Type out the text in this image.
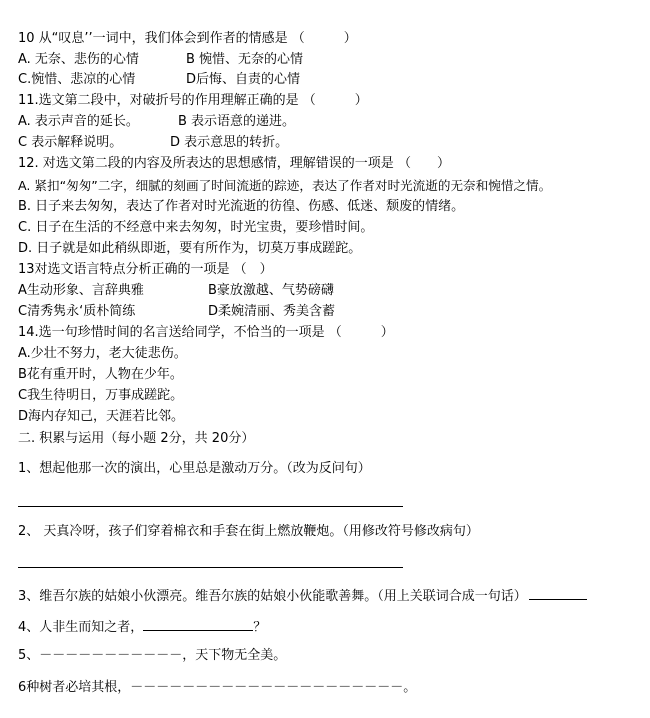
10 从“叹息’’一词中，我们体会到作者的情感是 （　　　）
A. 无奈、悲伤的心情	B 惋惜、无奈的心情
C.惋惜、悲凉的心情	D后悔、自责的心情
11.选文第二段中，对破折号的作用理解正确的是 （　　　）
A. 表示声音的延长。	B 表示语意的递进。
C 表示解释说明。	D 表示意思的转折。
12. 对选文第二段的内容及所表达的思想感情，理解错误的一项是 （　　）
A. 紧扣“匆匆”二字，细腻的刻画了时间流逝的踪迹，表达了作者对时光流逝的无奈和惋惜之情。
B. 日子来去匆匆，表达了作者对时光流逝的彷徨、伤感、低迷、颓废的情绪。
C. 日子在生活的不经意中来去匆匆，时光宝贵，要珍惜时间。
D. 日子就是如此稍纵即逝，要有所作为，切莫万事成蹉跎。
13对选文语言特点分析正确的一项是 （　）
A生动形象、言辞典雅	B豪放激越、气势磅礴
C清秀隽永‘质朴简练	D柔婉清丽、秀美含蓄
14.选一句珍惜时间的名言送给同学，不恰当的一项是 （　　　）
A.少壮不努力，老大徒悲伤。
B花有重开时，人物在少年。
C我生待明日，万事成蹉跎。
D海内存知己，天涯若比邻。
二. 积累与运用（每小题 2分，共 20分）
1、想起他那一次的演出，心里总是激动万分。（改为反问句）
2、 天真冷呀，孩子们穿着棉衣和手套在街上燃放鞭炮。（用修改符号修改病句）
3、维吾尔族的姑娘小伙漂亮。维吾尔族的姑娘小伙能歌善舞。（用上关联词合成一句话）
4、人非生而知之者，	？
5、－－－－－－－－－－－，天下物无全美。
6种树者必培其根，－－－－－－－－－－－－－－－－－－－－－。
